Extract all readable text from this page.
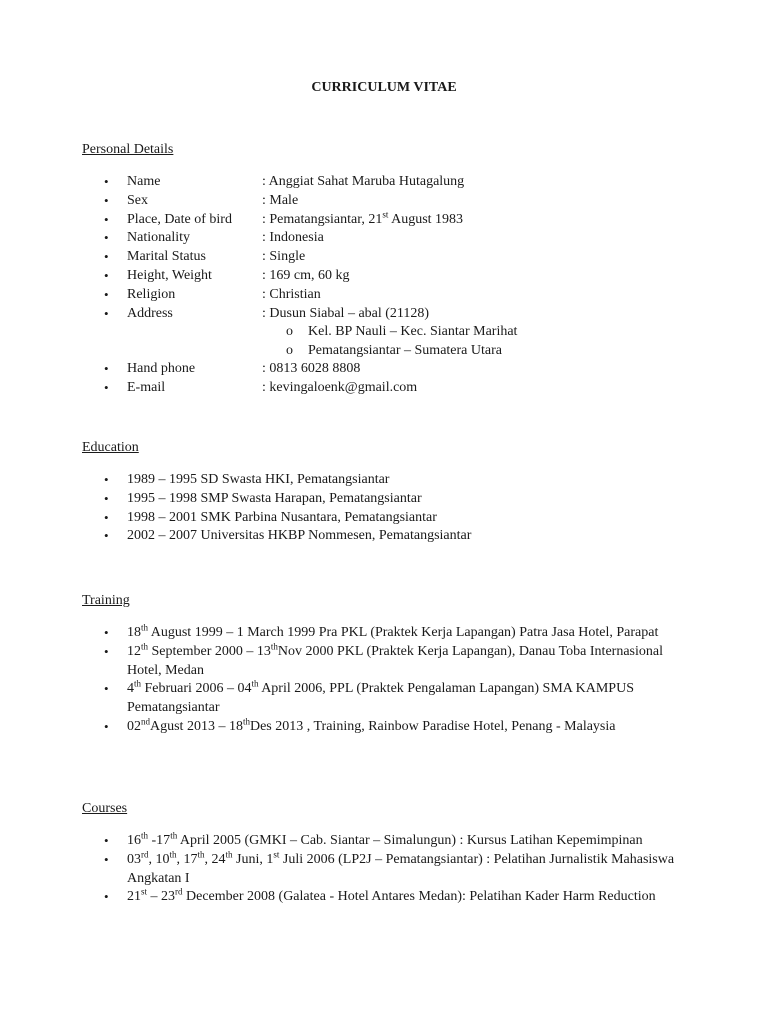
CURRICULUM VITAE
Personal Details
• Name	: Anggiat Sahat Maruba Hutagalung
• Sex	: Male
• Place, Date of bird : Pematangsiantar, 21st August 1983
• Nationality	: Indonesia
• Marital Status	: Single
• Height, Weight	: 169 cm, 60 kg
• Religion	: Christian
• Address	: Dusun Siabal – abal (21128)
o Kel. BP Nauli – Kec. Siantar Marihat
o Pematangsiantar – Sumatera Utara
• Hand phone	: 0813 6028 8808
• E-mail	: kevingaloenk@gmail.com
Education
• 1989 – 1995 SD Swasta HKI, Pematangsiantar
• 1995 – 1998 SMP Swasta Harapan, Pematangsiantar
• 1998 – 2001 SMK Parbina Nusantara, Pematangsiantar
• 2002 – 2007 Universitas HKBP Nommesen, Pematangsiantar
Training
• 18th August 1999 – 1 March 1999 Pra PKL (Praktek Kerja Lapangan) Patra Jasa Hotel, Parapat
• 12th September 2000 – 13thNov 2000 PKL (Praktek Kerja Lapangan), Danau Toba Internasional Hotel, Medan
• 4th Februari 2006 – 04th April 2006, PPL (Praktek Pengalaman Lapangan) SMA KAMPUS Pematangsiantar
• 02ndAgust 2013 – 18thDes 2013 , Training, Rainbow Paradise Hotel, Penang - Malaysia
Courses
• 16th -17th April 2005 (GMKI – Cab. Siantar – Simalungun) : Kursus Latihan Kepemimpinan
• 03rd, 10th, 17th, 24th Juni, 1st Juli 2006 (LP2J – Pematangsiantar) : Pelatihan Jurnalistik Mahasiswa Angkatan I
• 21st – 23rd December 2008 (Galatea - Hotel Antares Medan): Pelatihan Kader Harm Reduction
